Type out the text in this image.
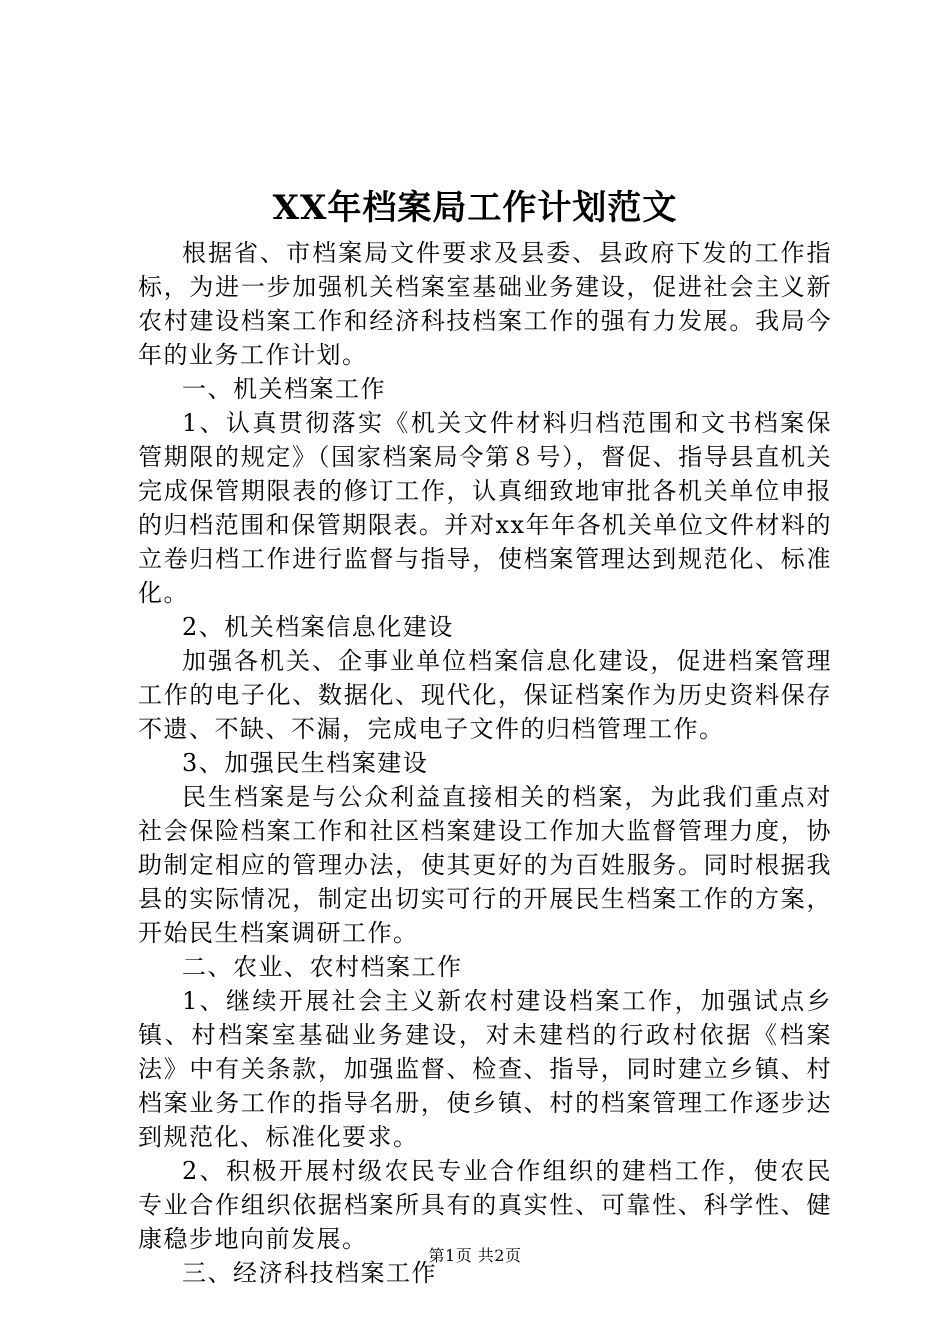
XX年档案局工作计划范文

根据省、市档案局文件要求及县委、县政府下发的工作指标，为进一步加强机关档案室基础业务建设，促进社会主义新农村建设档案工作和经济科技档案工作的强有力发展。我局今年的业务工作计划。

一、机关档案工作

1、认真贯彻落实《机关文件材料归档范围和文书档案保管期限的规定》（国家档案局令第８号），督促、指导县直机关完成保管期限表的修订工作，认真细致地审批各机关单位申报的归档范围和保管期限表。并对xx年年各机关单位文件材料的立卷归档工作进行监督与指导，使档案管理达到规范化、标准化。

2、机关档案信息化建设

加强各机关、企事业单位档案信息化建设，促进档案管理工作的电子化、数据化、现代化，保证档案作为历史资料保存不遗、不缺、不漏，完成电子文件的归档管理工作。

3、加强民生档案建设

民生档案是与公众利益直接相关的档案，为此我们重点对社会保险档案工作和社区档案建设工作加大监督管理力度，协助制定相应的管理办法，使其更好的为百姓服务。同时根据我县的实际情况，制定出切实可行的开展民生档案工作的方案，开始民生档案调研工作。

二、农业、农村档案工作

1、继续开展社会主义新农村建设档案工作，加强试点乡镇、村档案室基础业务建设，对未建档的行政村依据《档案法》中有关条款，加强监督、检查、指导，同时建立乡镇、村档案业务工作的指导名册，使乡镇、村的档案管理工作逐步达到规范化、标准化要求。

2、积极开展村级农民专业合作组织的建档工作，使农民专业合作组织依据档案所具有的真实性、可靠性、科学性、健康稳步地向前发展。

三、经济科技档案工作

第1页 共2页
